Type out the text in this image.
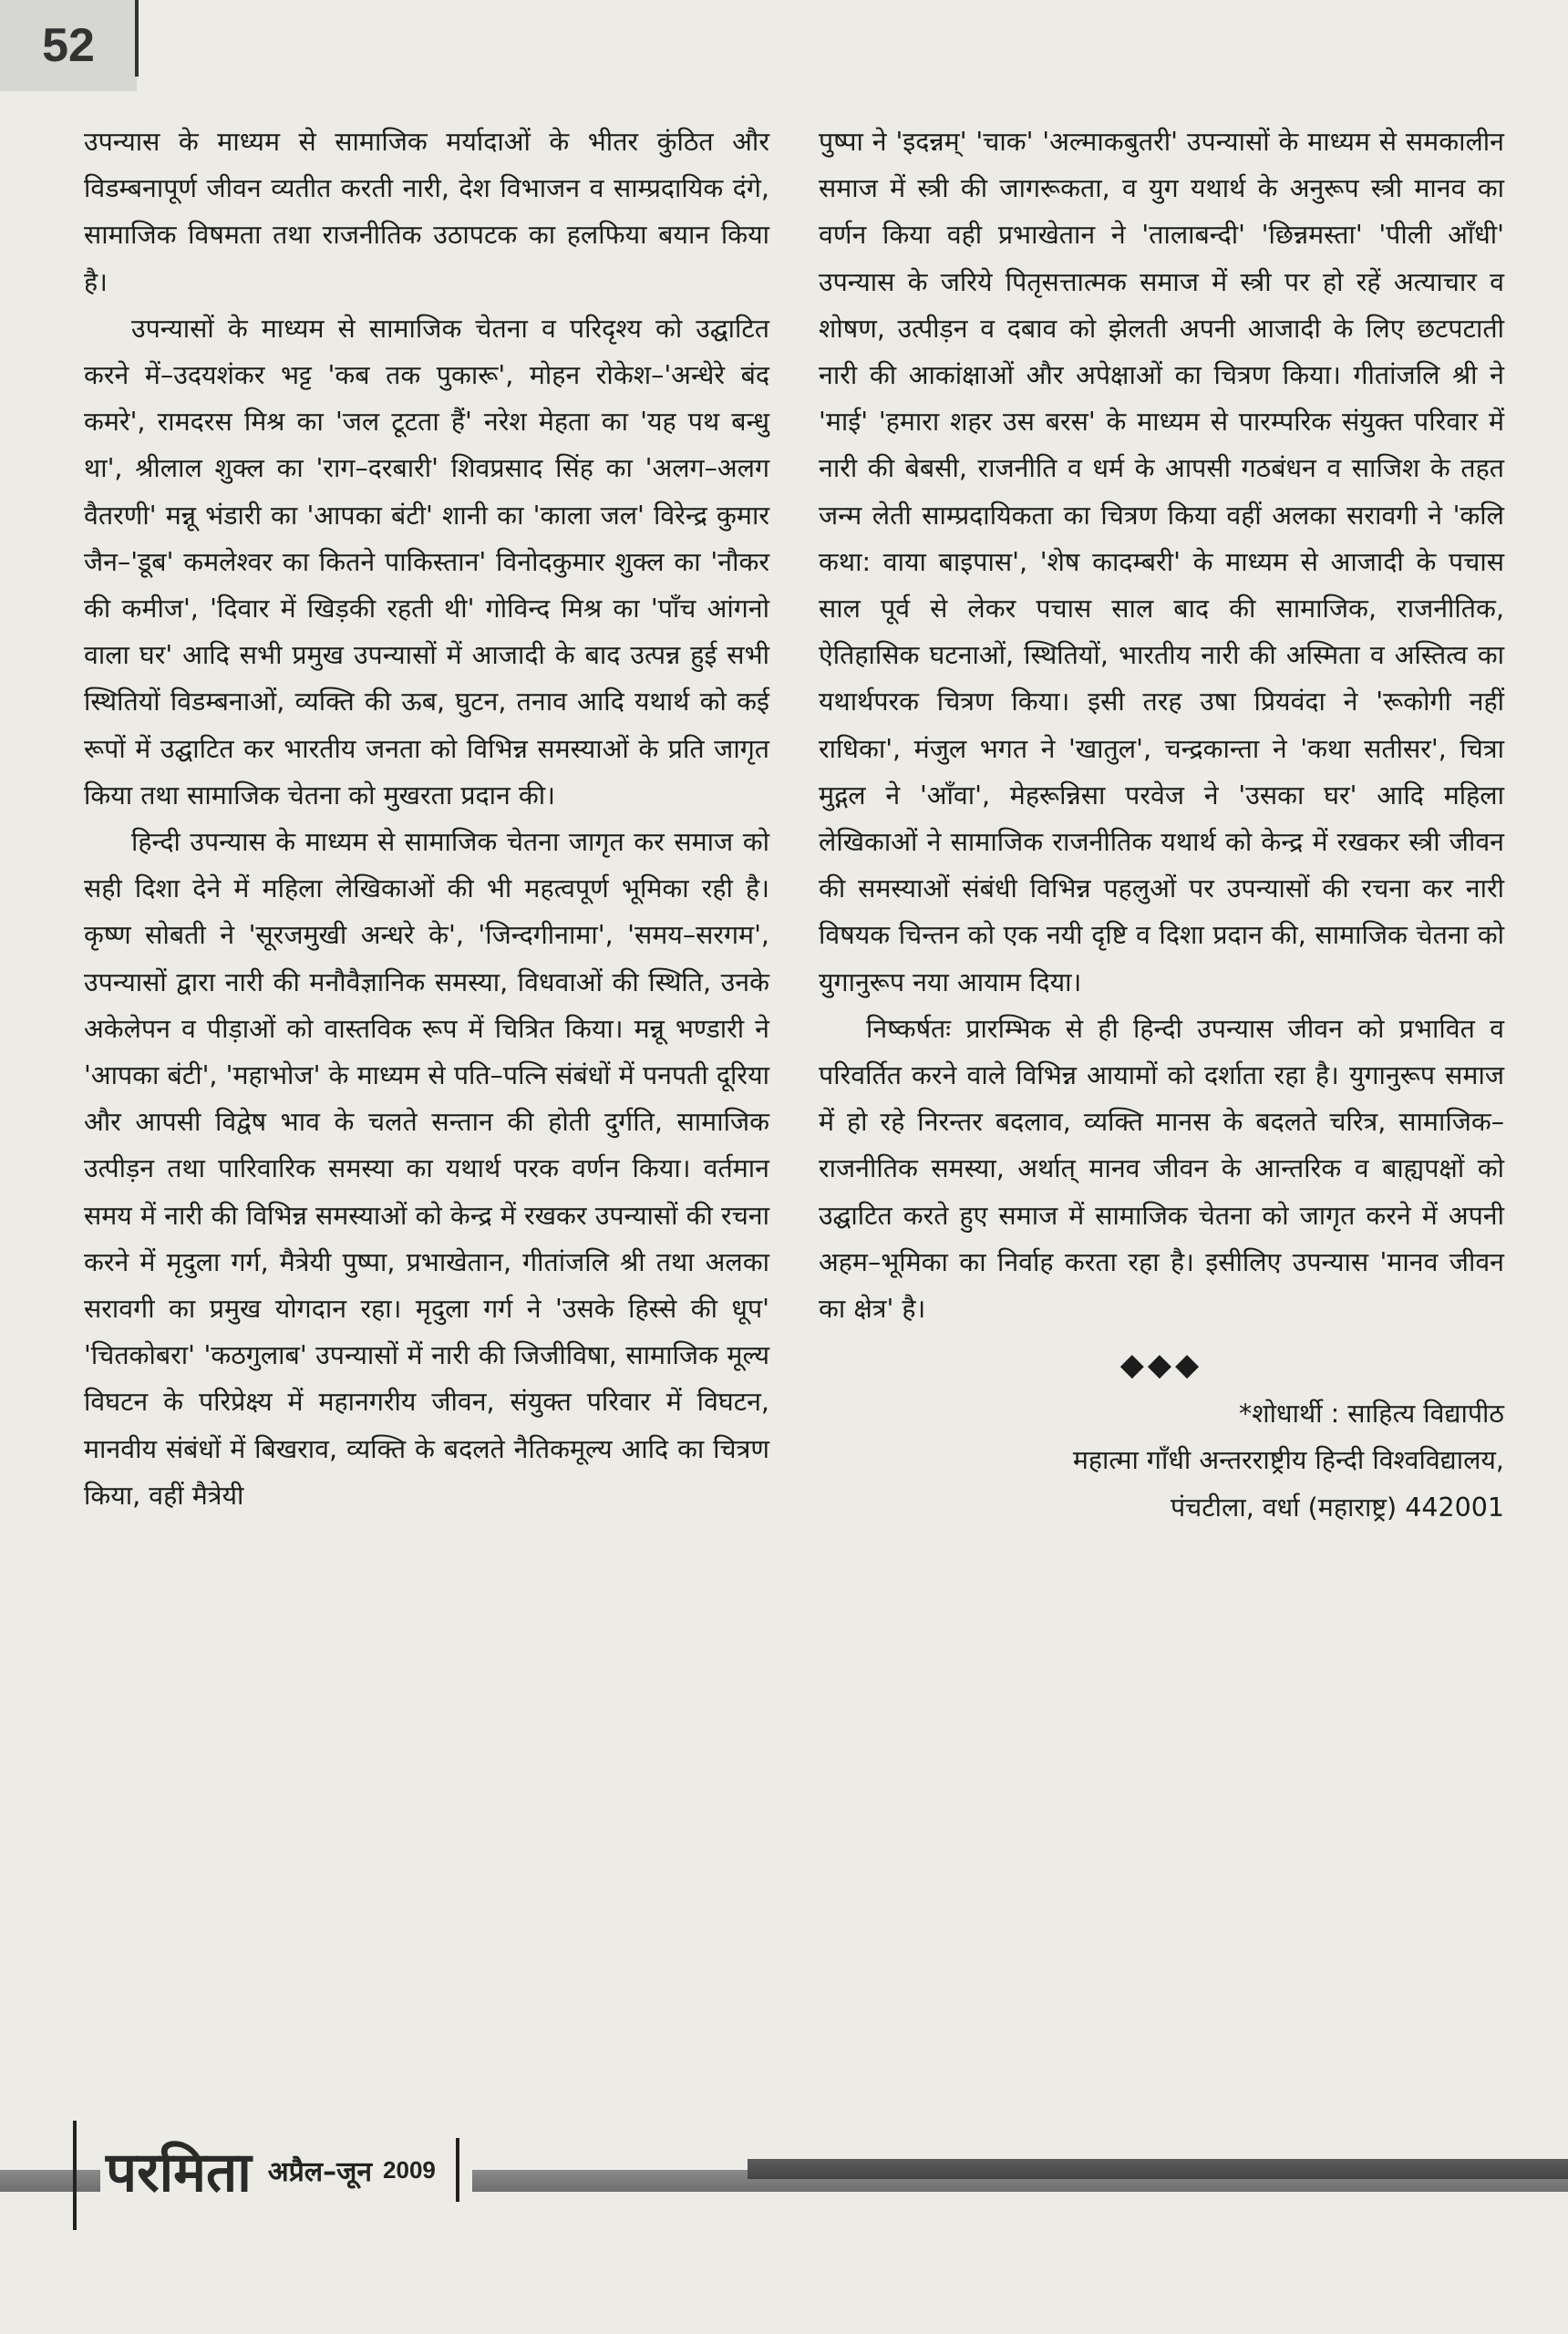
52

उपन्यास के माध्यम से सामाजिक मर्यादाओं के भीतर कुंठित और विडम्बनापूर्ण जीवन व्यतीत करती नारी, देश विभाजन व साम्प्रदायिक दंगे, सामाजिक विषमता तथा राजनीतिक उठापटक का हलफिया बयान किया है।

उपन्यासों के माध्यम से सामाजिक चेतना व परिदृश्य को उद्घाटित करने में–उदयशंकर भट्ट 'कब तक पुकारू', मोहन रोकेश–'अन्धेरे बंद कमरे', रामदरस मिश्र का 'जल टूटता हैं' नरेश मेहता का 'यह पथ बन्धु था', श्रीलाल शुक्ल का 'राग–दरबारी' शिवप्रसाद सिंह का 'अलग–अलग वैतरणी' मन्नू भंडारी का 'आपका बंटी' शानी का 'काला जल' विरेन्द्र कुमार जैन–'डूब' कमलेश्वर का कितने पाकिस्तान' विनोदकुमार शुक्ल का 'नौकर की कमीज', 'दिवार में खिड़की रहती थी' गोविन्द मिश्र का 'पाँच आंगनो वाला घर' आदि सभी प्रमुख उपन्यासों में आजादी के बाद उत्पन्न हुई सभी स्थितियों विडम्बनाओं, व्यक्ति की ऊब, घुटन, तनाव आदि यथार्थ को कई रूपों में उद्घाटित कर भारतीय जनता को विभिन्न समस्याओं के प्रति जागृत किया तथा सामाजिक चेतना को मुखरता प्रदान की।

हिन्दी उपन्यास के माध्यम से सामाजिक चेतना जागृत कर समाज को सही दिशा देने में महिला लेखिकाओं की भी महत्वपूर्ण भूमिका रही है। कृष्ण सोबती ने 'सूरजमुखी अन्धरे के', 'जिन्दगीनामा', 'समय–सरगम', उपन्यासों द्वारा नारी की मनौवैज्ञानिक समस्या, विधवाओं की स्थिति, उनके अकेलेपन व पीड़ाओं को वास्तविक रूप में चित्रित किया। मन्नू भण्डारी ने 'आपका बंटी', 'महाभोज' के माध्यम से पति–पत्नि संबंधों में पनपती दूरिया और आपसी विद्वेष भाव के चलते सन्तान की होती दुर्गति, सामाजिक उत्पीड़न तथा पारिवारिक समस्या का यथार्थ परक वर्णन किया। वर्तमान समय में नारी की विभिन्न समस्याओं को केन्द्र में रखकर उपन्यासों की रचना करने में मृदुला गर्ग, मैत्रेयी पुष्पा, प्रभाखेतान, गीतांजलि श्री तथा अलका सरावगी का प्रमुख योगदान रहा। मृदुला गर्ग ने 'उसके हिस्से की धूप' 'चितकोबरा' 'कठगुलाब' उपन्यासों में नारी की जिजीविषा, सामाजिक मूल्य विघटन के परिप्रेक्ष्य में महानगरीय जीवन, संयुक्त परिवार में विघटन, मानवीय संबंधों में बिखराव, व्यक्ति के बदलते नैतिकमूल्य आदि का चित्रण किया, वहीं मैत्रेयी

पुष्पा ने 'इदन्नम्' 'चाक' 'अल्माकबुतरी' उपन्यासों के माध्यम से समकालीन समाज में स्त्री की जागरूकता, व युग यथार्थ के अनुरूप स्त्री मानव का वर्णन किया वही प्रभाखेतान ने 'तालाबन्दी' 'छिन्नमस्ता' 'पीली आँधी' उपन्यास के जरिये पितृसत्तात्मक समाज में स्त्री पर हो रहें अत्याचार व शोषण, उत्पीड़न व दबाव को झेलती अपनी आजादी के लिए छटपटाती नारी की आकांक्षाओं और अपेक्षाओं का चित्रण किया। गीतांजलि श्री ने 'माई' 'हमारा शहर उस बरस' के माध्यम से पारम्परिक संयुक्त परिवार में नारी की बेबसी, राजनीति व धर्म के आपसी गठबंधन व साजिश के तहत जन्म लेती साम्प्रदायिकता का चित्रण किया वहीं अलका सरावगी ने 'कलि कथा: वाया बाइपास', 'शेष कादम्बरी' के माध्यम से आजादी के पचास साल पूर्व से लेकर पचास साल बाद की सामाजिक, राजनीतिक, ऐतिहासिक घटनाओं, स्थितियों, भारतीय नारी की अस्मिता व अस्तित्व का यथार्थपरक चित्रण किया। इसी तरह उषा प्रियवंदा ने 'रूकोगी नहीं राधिका', मंजुल भगत ने 'खातुल', चन्द्रकान्ता ने 'कथा सतीसर', चित्रा मुद्गल ने 'आँवा', मेहरून्निसा परवेज ने 'उसका घर' आदि महिला लेखिकाओं ने सामाजिक राजनीतिक यथार्थ को केन्द्र में रखकर स्त्री जीवन की समस्याओं संबंधी विभिन्न पहलुओं पर उपन्यासों की रचना कर नारी विषयक चिन्तन को एक नयी दृष्टि व दिशा प्रदान की, सामाजिक चेतना को युगानुरूप नया आयाम दिया।

निष्कर्षतः प्रारम्भिक से ही हिन्दी उपन्यास जीवन को प्रभावित व परिवर्तित करने वाले विभिन्न आयामों को दर्शाता रहा है। युगानुरूप समाज में हो रहे निरन्तर बदलाव, व्यक्ति मानस के बदलते चरित्र, सामाजिक–राजनीतिक समस्या, अर्थात् मानव जीवन के आन्तरिक व बाह्यपक्षों को उद्घाटित करते हुए समाज में सामाजिक चेतना को जागृत करने में अपनी अहम–भूमिका का निर्वाह करता रहा है। इसीलिए उपन्यास 'मानव जीवन का क्षेत्र' है।

◆◆◆

*शोधार्थी : साहित्य विद्यापीठ

महात्मा गाँधी अन्तरराष्ट्रीय हिन्दी विश्वविद्यालय,

पंचटीला, वर्धा (महाराष्ट्र) 442001

परमिता अप्रैल–जून 2009
